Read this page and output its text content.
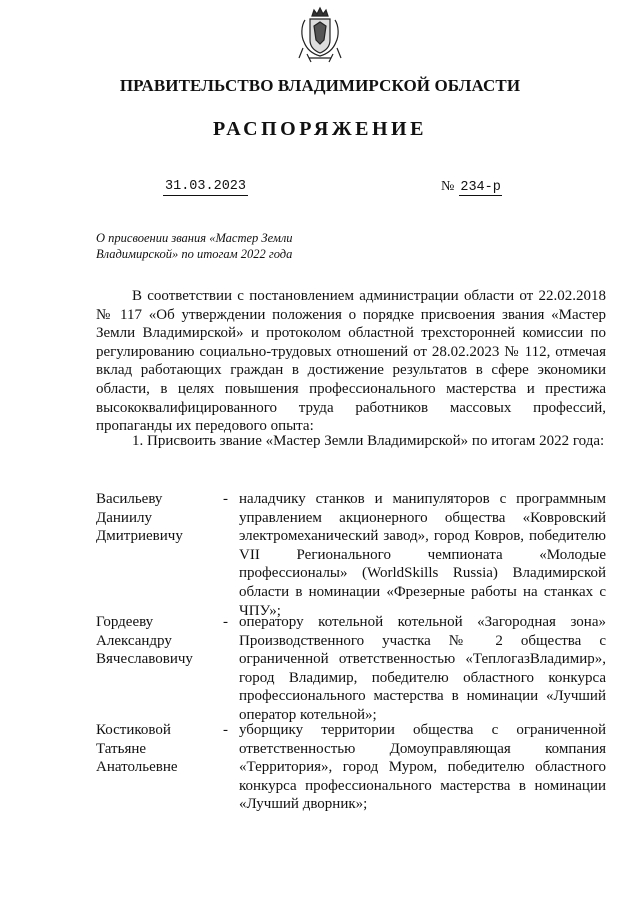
ПРАВИТЕЛЬСТВО ВЛАДИМИРСКОЙ ОБЛАСТИ
РАСПОРЯЖЕНИЕ
31.03.2023	№ 234-р
О присвоении звания «Мастер Земли Владимирской» по итогам 2022 года

В соответствии с постановлением администрации области от 22.02.2018 № 117 «Об утверждении положения о порядке присвоения звания «Мастер Земли Владимирской» и протоколом областной трехсторонней комиссии по регулированию социально-трудовых отношений от 28.02.2023 № 112, отмечая вклад работающих граждан в достижение результатов в сфере экономики области, в целях повышения профессионального мастерства и престижа высококвалифицированного труда работников массовых профессий, пропаганды их передового опыта:

1. Присвоить звание «Мастер Земли Владимирской» по итогам 2022 года:

Васильеву Даниилу Дмитриевичу
- наладчику станков и манипуляторов с программным управлением акционерного общества «Ковровский электромеханический завод», город Ковров, победителю VII Регионального чемпионата «Молодые профессионалы» (WorldSkills Russia) Владимирской области в номинации «Фрезерные работы на станках с ЧПУ»;
Гордееву Александру Вячеславовичу
- оператору котельной котельной «Загородная зона» Производственного участка № 2 общества с ограниченной ответственностью «ТеплогазВладимир», город Владимир, победителю областного конкурса профессионального мастерства в номинации «Лучший оператор котельной»;
Костиковой Татьяне Анатольевне
- уборщику территории общества с ограниченной ответственностью Домоуправляющая компания «Территория», город Муром, победителю областного конкурса профессионального мастерства в номинации «Лучший дворник»;
